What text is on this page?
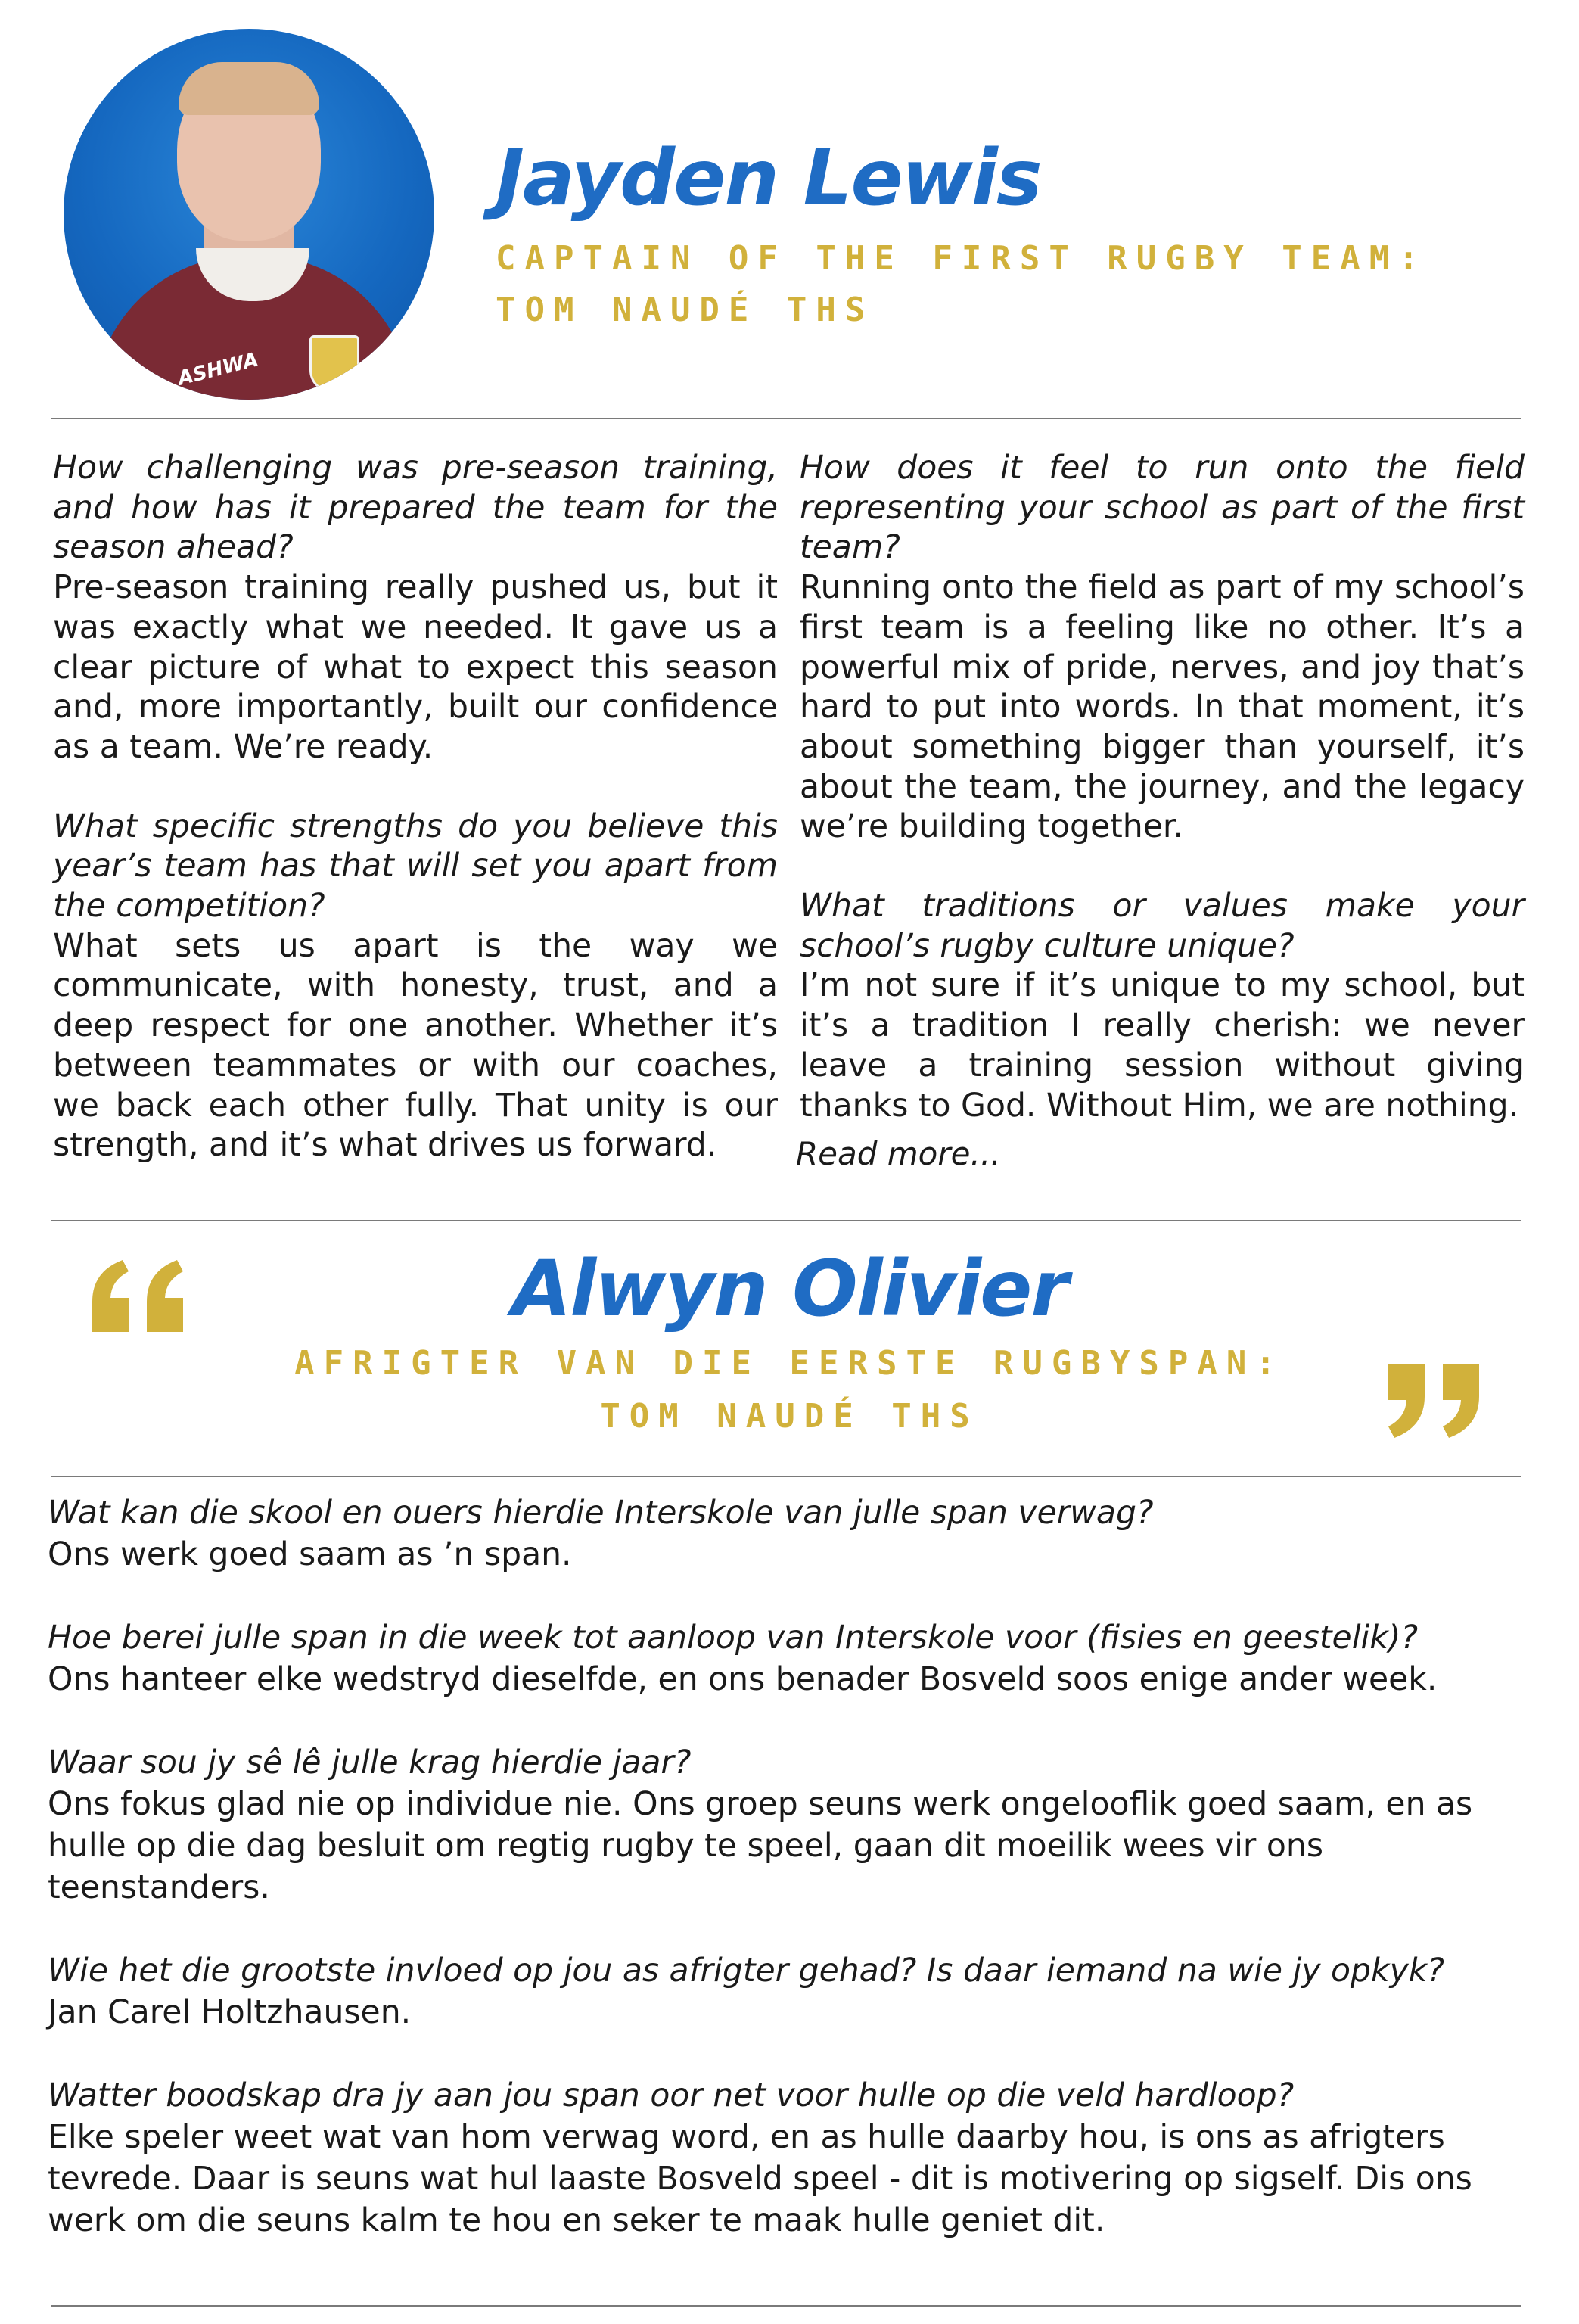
ASHWA
Jayden Lewis
CAPTAIN OF THE FIRST RUGBY TEAM:
TOM NAUDÉ THS

How challenging was pre-season training, and how has it prepared the team for the season ahead?

Pre-season training really pushed us, but it was exactly what we needed. It gave us a clear picture of what to expect this season and, more importantly, built our confidence as a team. We’re ready.

What specific strengths do you believe this year’s team has that will set you apart from the competition?

What sets us apart is the way we communicate, with honesty, trust, and a deep respect for one another. Whether it’s between teammates or with our coaches, we back each other fully. That unity is our strength, and it’s what drives us forward.

How does it feel to run onto the field representing your school as part of the first team?

Running onto the field as part of my school’s first team is a feeling like no other. It’s a powerful mix of pride, nerves, and joy that’s hard to put into words. In that moment, it’s about something bigger than yourself, it’s about the team, the journey, and the legacy we’re building together.

What traditions or values make your school’s rugby culture unique?

I’m not sure if it’s unique to my school, but it’s a tradition I really cherish: we never leave a training session without giving thanks to God. Without Him, we are nothing.

Read more...
Alwyn Olivier
AFRIGTER VAN DIE EERSTE RUGBYSPAN:
TOM NAUDÉ THS

Wat kan die skool en ouers hierdie Interskole van julle span verwag?

Ons werk goed saam as ’n span.

Hoe berei julle span in die week tot aanloop van Interskole voor (fisies en geestelik)?

Ons hanteer elke wedstryd dieselfde, en ons benader Bosveld soos enige ander week.

Waar sou jy sê lê julle krag hierdie jaar?

Ons fokus glad nie op individue nie. Ons groep seuns werk ongelooflik goed saam, en as hulle op die dag besluit om regtig rugby te speel, gaan dit moeilik wees vir ons teenstanders.

Wie het die grootste invloed op jou as afrigter gehad? Is daar iemand na wie jy opkyk?

Jan Carel Holtzhausen.

Watter boodskap dra jy aan jou span oor net voor hulle op die veld hardloop?

Elke speler weet wat van hom verwag word, en as hulle daarby hou, is ons as afrigters tevrede. Daar is seuns wat hul laaste Bosveld speel - dit is motivering op sigself. Dis ons werk om die seuns kalm te hou en seker te maak hulle geniet dit.
